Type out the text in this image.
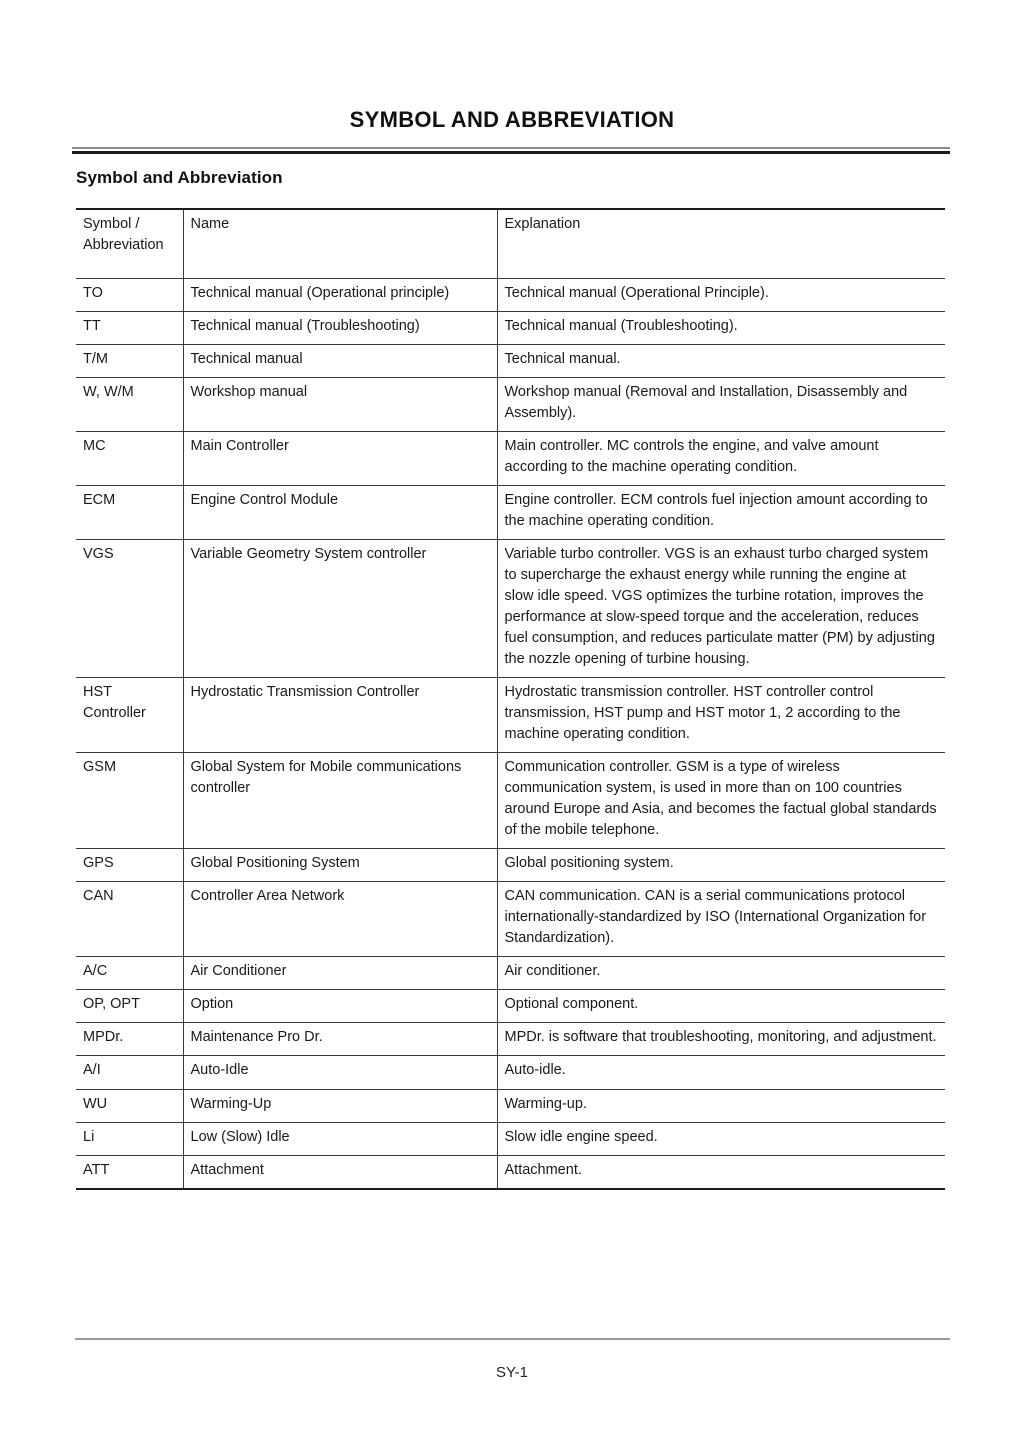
SYMBOL AND ABBREVIATION
Symbol and Abbreviation
Symbol / Abbreviation	Name	Explanation
TO	Technical manual (Operational principle)	Technical manual (Operational Principle).
TT	Technical manual (Troubleshooting)	Technical manual (Troubleshooting).
T/M	Technical manual	Technical manual.
W, W/M	Workshop manual	Workshop manual (Removal and Installation, Disassembly and Assembly).
MC	Main Controller	Main controller. MC controls the engine, and valve amount according to the machine operating condition.
ECM	Engine Control Module	Engine controller. ECM controls fuel injection amount according to the machine operating condition.
VGS	Variable Geometry System controller	Variable turbo controller. VGS is an exhaust turbo charged system to supercharge the exhaust energy while running the engine at slow idle speed. VGS optimizes the turbine rotation, improves the performance at slow-speed torque and the acceleration, reduces fuel consumption, and reduces particulate matter (PM) by adjusting the nozzle opening of turbine housing.
HST Controller	Hydrostatic Transmission Controller	Hydrostatic transmission controller. HST controller control transmission, HST pump and HST motor 1, 2 according to the machine operating condition.
GSM	Global System for Mobile communications controller	Communication controller. GSM is a type of wireless communication system, is used in more than on 100 countries around Europe and Asia, and becomes the factual global standards of the mobile telephone.
GPS	Global Positioning System	Global positioning system.
CAN	Controller Area Network	CAN communication. CAN is a serial communications protocol internationally-standardized by ISO (International Organization for Standardization).
A/C	Air Conditioner	Air conditioner.
OP, OPT	Option	Optional component.
MPDr.	Maintenance Pro Dr.	MPDr. is software that troubleshooting, monitoring, and adjustment.
A/I	Auto-Idle	Auto-idle.
WU	Warming-Up	Warming-up.
Li	Low (Slow) Idle	Slow idle engine speed.
ATT	Attachment	Attachment.
SY-1
